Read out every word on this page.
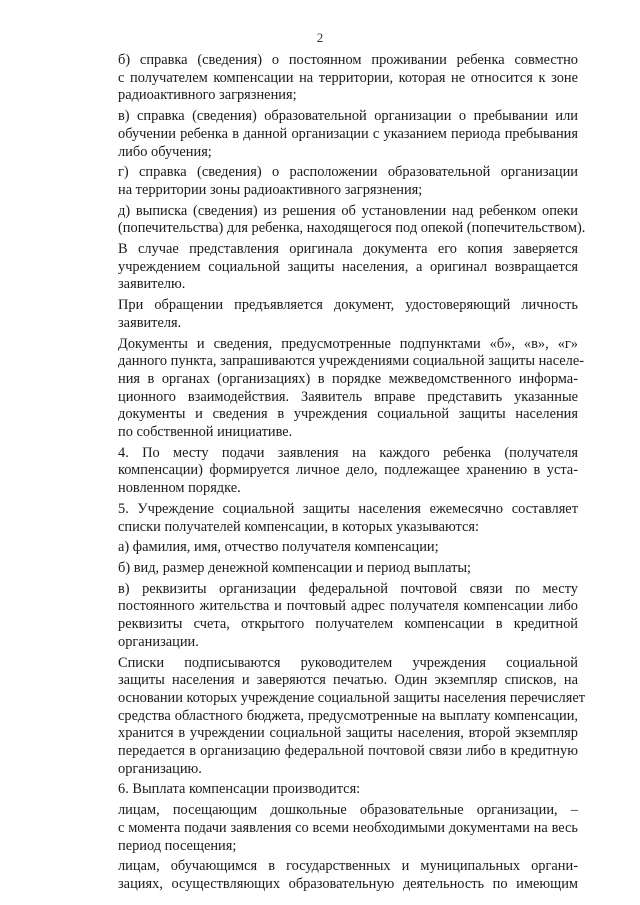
2

б) справка (сведения) о постоянном проживании ребенка совместно
с получателем компенсации на территории, которая не относится к зоне
радиоактивного загрязнения;

в) справка (сведения) образовательной организации о пребывании или
обучении ребенка в данной организации с указанием периода пребывания
либо обучения;

г) справка (сведения) о расположении образовательной организации
на территории зоны радиоактивного загрязнения;

д) выписка (сведения) из решения об установлении над ребенком опеки
(попечительства) для ребенка, находящегося под опекой (попечительством).

В случае представления оригинала документа его копия заверяется
учреждением социальной защиты населения, а оригинал возвращается
заявителю.

При обращении предъявляется документ, удостоверяющий личность
заявителя.

Документы и сведения, предусмотренные подпунктами «б», «в», «г»
данного пункта, запрашиваются учреждениями социальной защиты населе-
ния в органах (организациях) в порядке межведомственного информа-
ционного взаимодействия. Заявитель вправе представить указанные
документы и сведения в учреждения социальной защиты населения
по собственной инициативе.

4. По месту подачи заявления на каждого ребенка (получателя
компенсации) формируется личное дело, подлежащее хранению в уста-
новленном порядке.

5. Учреждение социальной защиты населения ежемесячно составляет
списки получателей компенсации, в которых указываются:

а) фамилия, имя, отчество получателя компенсации;

б) вид, размер денежной компенсации и период выплаты;

в) реквизиты организации федеральной почтовой связи по месту
постоянного жительства и почтовый адрес получателя компенсации либо
реквизиты счета, открытого получателем компенсации в кредитной
организации.

Списки подписываются руководителем учреждения социальной
защиты населения и заверяются печатью. Один экземпляр списков, на
основании которых учреждение социальной защиты населения перечисляет
средства областного бюджета, предусмотренные на выплату компенсации,
хранится в учреждении социальной защиты населения, второй экземпляр
передается в организацию федеральной почтовой связи либо в кредитную
организацию.

6. Выплата компенсации производится:

лицам, посещающим дошкольные образовательные организации, –
с момента подачи заявления со всеми необходимыми документами на весь
период посещения;

лицам, обучающимся в государственных и муниципальных органи-
зациях, осуществляющих образовательную деятельность по имеющим
